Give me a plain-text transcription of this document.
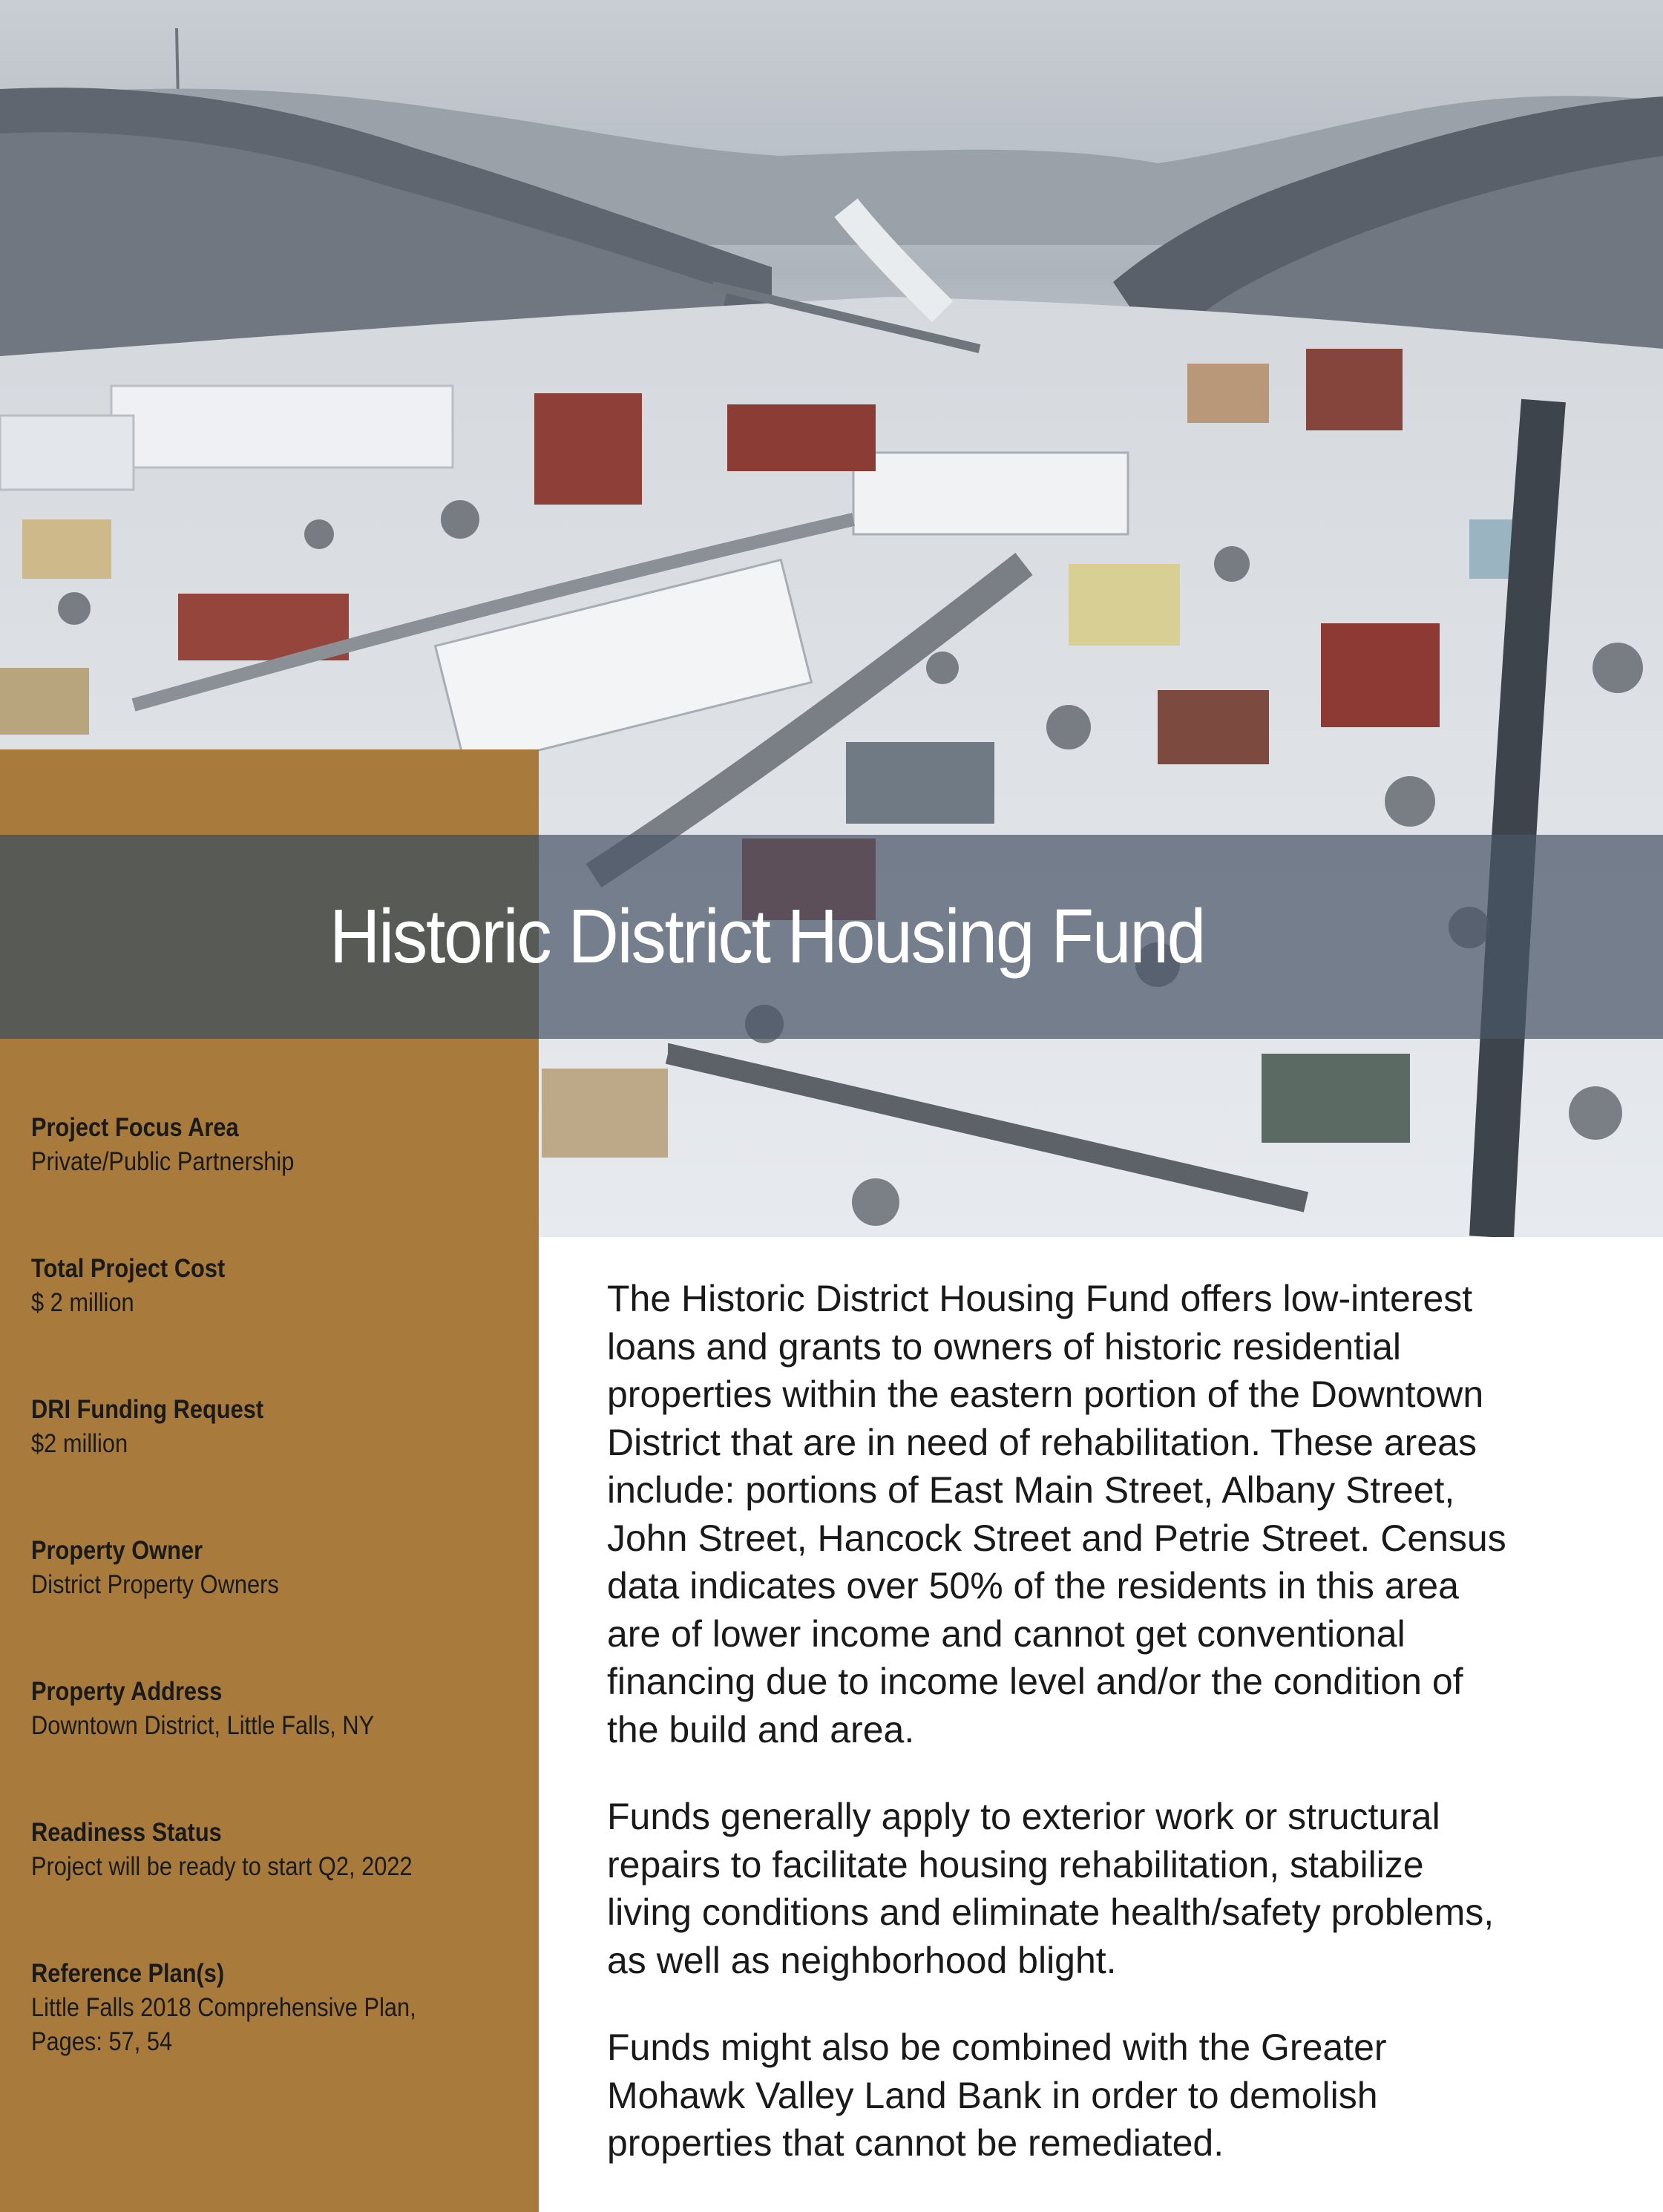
Historic District Housing Fund
Project Focus Area
Private/Public Partnership
Total Project Cost
$ 2 million
DRI Funding Request
$2 million
Property Owner
District Property Owners
Property Address
Downtown District, Little Falls, NY
Readiness Status
Project will be ready to start Q2, 2022
Reference Plan(s)
Little Falls 2018 Comprehensive Plan,
Pages: 57, 54

The Historic District Housing Fund offers low-interest
loans and grants to owners of historic residential
properties within the eastern portion of the Downtown
District that are in need of rehabilitation. These areas
include: portions of East Main Street, Albany Street,
John Street, Hancock Street and Petrie Street. Census
data indicates over 50% of the residents in this area
are of lower income and cannot get conventional
financing due to income level and/or the condition of
the build and area.

Funds generally apply to exterior work or structural
repairs to facilitate housing rehabilitation, stabilize
living conditions and eliminate health/safety problems,
as well as neighborhood blight.

Funds might also be combined with the Greater
Mohawk Valley Land Bank in order to demolish
properties that cannot be remediated.
